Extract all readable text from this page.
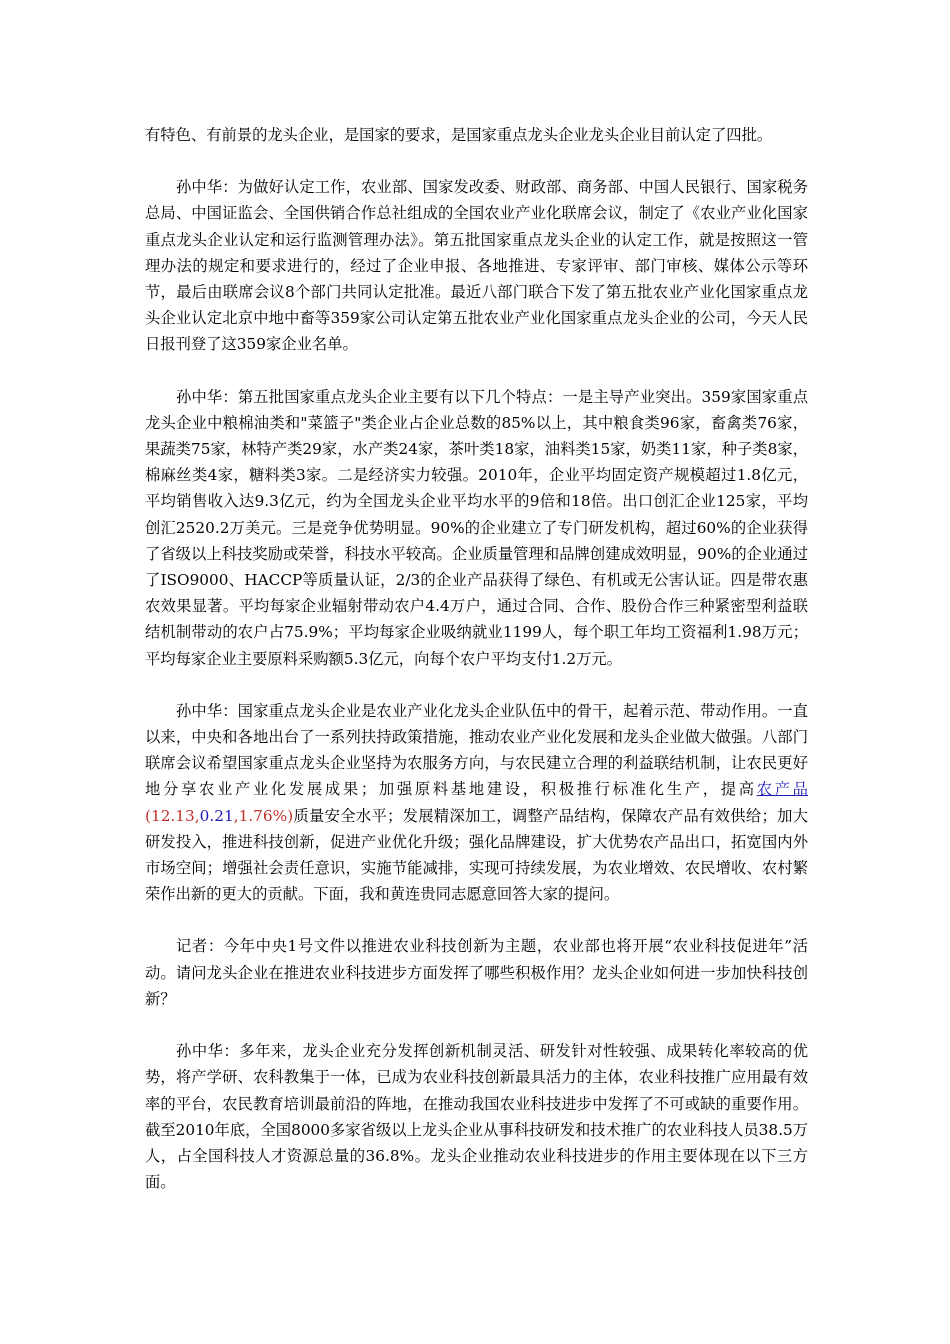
有特色、有前景的龙头企业，是国家的要求，是国家重点龙头企业龙头企业目前认定了四批。

孙中华：为做好认定工作，农业部、国家发改委、财政部、商务部、中国人民银行、国家税务总局、中国证监会、全国供销合作总社组成的全国农业产业化联席会议，制定了《农业产业化国家重点龙头企业认定和运行监测管理办法》。第五批国家重点龙头企业的认定工作，就是按照这一管理办法的规定和要求进行的，经过了企业申报、各地推进、专家评审、部门审核、媒体公示等环节，最后由联席会议8个部门共同认定批准。最近八部门联合下发了第五批农业产业化国家重点龙头企业认定北京中地中畜等359家公司认定第五批农业产业化国家重点龙头企业的公司，今天人民日报刊登了这359家企业名单。

孙中华：第五批国家重点龙头企业主要有以下几个特点：一是主导产业突出。359家国家重点龙头企业中粮棉油类和"菜篮子"类企业占企业总数的85%以上，其中粮食类96家，畜禽类76家，果蔬类75家，林特产类29家，水产类24家，茶叶类18家，油料类15家，奶类11家，种子类8家，棉麻丝类4家，糖料类3家。二是经济实力较强。2010年，企业平均固定资产规模超过1.8亿元，平均销售收入达9.3亿元，约为全国龙头企业平均水平的9倍和18倍。出口创汇企业125家，平均创汇2520.2万美元。三是竞争优势明显。90%的企业建立了专门研发机构，超过60%的企业获得了省级以上科技奖励或荣誉，科技水平较高。企业质量管理和品牌创建成效明显，90%的企业通过了ISO9000、HACCP等质量认证，2/3的企业产品获得了绿色、有机或无公害认证。四是带农惠农效果显著。平均每家企业辐射带动农户4.4万户，通过合同、合作、股份合作三种紧密型利益联结机制带动的农户占75.9%；平均每家企业吸纳就业1199人，每个职工年均工资福利1.98万元；平均每家企业主要原料采购额5.3亿元，向每个农户平均支付1.2万元。

孙中华：国家重点龙头企业是农业产业化龙头企业队伍中的骨干，起着示范、带动作用。一直以来，中央和各地出台了一系列扶持政策措施，推动农业产业化发展和龙头企业做大做强。八部门联席会议希望国家重点龙头企业坚持为农服务方向，与农民建立合理的利益联结机制，让农民更好地分享农业产业化发展成果；加强原料基地建设，积极推行标准化生产，提高农产品(12.13,0.21,1.76%)质量安全水平；发展精深加工，调整产品结构，保障农产品有效供给；加大研发投入，推进科技创新，促进产业优化升级；强化品牌建设，扩大优势农产品出口，拓宽国内外市场空间；增强社会责任意识，实施节能减排，实现可持续发展，为农业增效、农民增收、农村繁荣作出新的更大的贡献。下面，我和黄连贵同志愿意回答大家的提问。

记者：今年中央1号文件以推进农业科技创新为主题，农业部也将开展“农业科技促进年”活动。请问龙头企业在推进农业科技进步方面发挥了哪些积极作用？龙头企业如何进一步加快科技创新？

孙中华：多年来，龙头企业充分发挥创新机制灵活、研发针对性较强、成果转化率较高的优势，将产学研、农科教集于一体，已成为农业科技创新最具活力的主体，农业科技推广应用最有效率的平台，农民教育培训最前沿的阵地，在推动我国农业科技进步中发挥了不可或缺的重要作用。截至2010年底，全国8000多家省级以上龙头企业从事科技研发和技术推广的农业科技人员38.5万人，占全国科技人才资源总量的36.8%。龙头企业推动农业科技进步的作用主要体现在以下三方面。
